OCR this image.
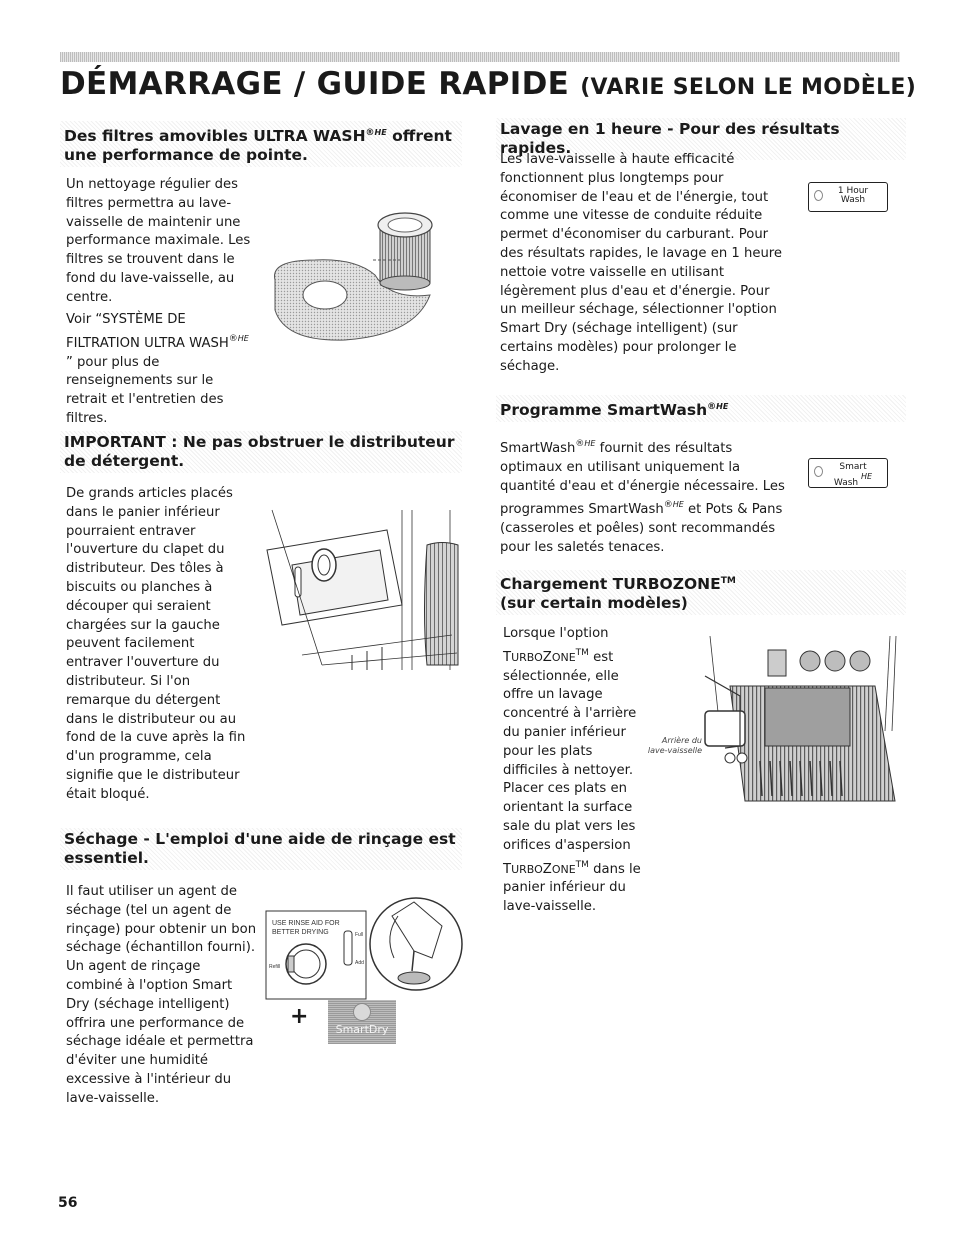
DÉMARRAGE / GUIDE RAPIDE (VARIE SELON LE MODÈLE)
Des filtres amovibles ULTRA $WASH^{®HE}$ offrent une performance de pointe.

Un nettoyage régulier des filtres permettra au lave-vaisselle de maintenir une performance maximale. Les filtres se trouvent dans le fond du lave-vaisselle, au centre.

Voir “SYSTÈME DE FILTRATION ULTRA $WASH^{®HE}$ ” pour plus de renseignements sur le retrait et l'entretien des filtres.

IMPORTANT : Ne pas obstruer le distributeur de détergent.

De grands articles placés dans le panier inférieur pourraient entraver l'ouverture du clapet du distributeur. Des tôles à biscuits ou planches à découper qui seraient chargées sur la gauche peuvent facilement entraver l'ouverture du distributeur. Si l'on remarque du détergent dans le distributeur ou au fond de la cuve après la fin d'un programme, cela signifie que le distributeur était bloqué.

Séchage - L'emploi d'une aide de rinçage est essentiel.

Il faut utiliser un agent de séchage (tel un agent de rinçage) pour obtenir un bon séchage (échantillon fourni). Un agent de rinçage combiné à l'option Smart Dry (séchage intelligent) offrira une performance de séchage idéale et permettra d'éviter une humidité excessive à l'intérieur du lave-vaisselle.

USE RINSE AID FOR
BETTER DRYING
Refill
Full
Add
+
SmartDry
Lavage en 1 heure - Pour des résultats rapides.

Les lave-vaisselle à haute efficacité fonctionnent plus longtemps pour économiser de l'eau et de l'énergie, tout comme une vitesse de conduite réduite permet d'économiser du carburant. Pour des résultats rapides, le lavage en 1 heure nettoie votre vaisselle en utilisant légèrement plus d'eau et d'énergie. Pour un meilleur séchage, sélectionner l'option Smart Dry (séchage intelligent) (sur certains modèles) pour prolonger le séchage.

1 Hour
Wash
Programme SmartWash$^{®HE}$

SmartWash$^{®HE}$ fournit des résultats optimaux en utilisant uniquement la quantité d'eau et d'énergie nécessaire. Les programmes SmartWash$^{®HE}$ et Pots & Pans (casseroles et poêles) sont recommandés pour les saletés tenaces.

Smart
Wash HE
Chargement TURBOZONE™
(sur certain modèles)

Lorsque l'option TURBOZONE™ est sélectionnée, elle offre un lavage concentré à l'arrière du panier inférieur pour les plats difficiles à nettoyer. Placer ces plats en orientant la surface sale du plat vers les orifices d'aspersion TURBOZONE™ dans le panier inférieur du lave-vaisselle.

Arrière du
lave-vaisselle
56
